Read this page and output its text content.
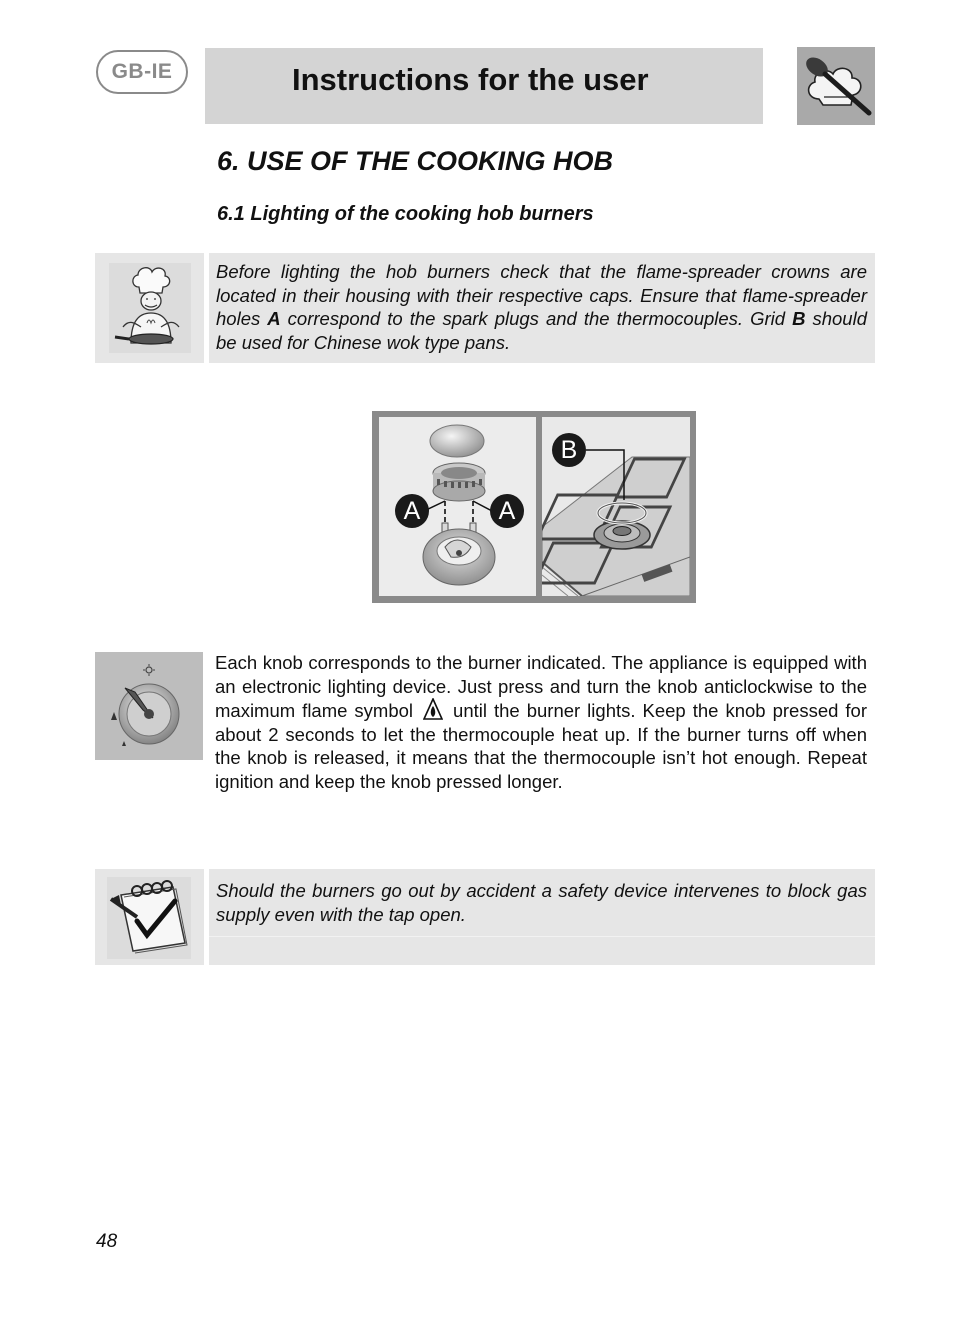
GB-IE	Instructions for the user
6. USE OF THE COOKING HOB
6.1 Lighting of the cooking hob burners
Before lighting the hob burners check that the flame-spreader crowns are located in their housing with their respective caps. Ensure that flame-spreader holes A correspond to the spark plugs and the thermocouples. Grid B should be used for Chinese wok type pans.
A	A
B
Each knob corresponds to the burner indicated. The appliance is equipped with an electronic lighting device. Just press and turn the knob anticlockwise to the maximum flame symbol until the burner lights. Keep the knob pressed for about 2 seconds to let the thermocouple heat up. If the burner turns off when the knob is released, it means that the thermocouple isn’t hot enough. Repeat ignition and keep the knob pressed longer.
Should the burners go out by accident a safety device intervenes to block gas supply even with the tap open.
48
